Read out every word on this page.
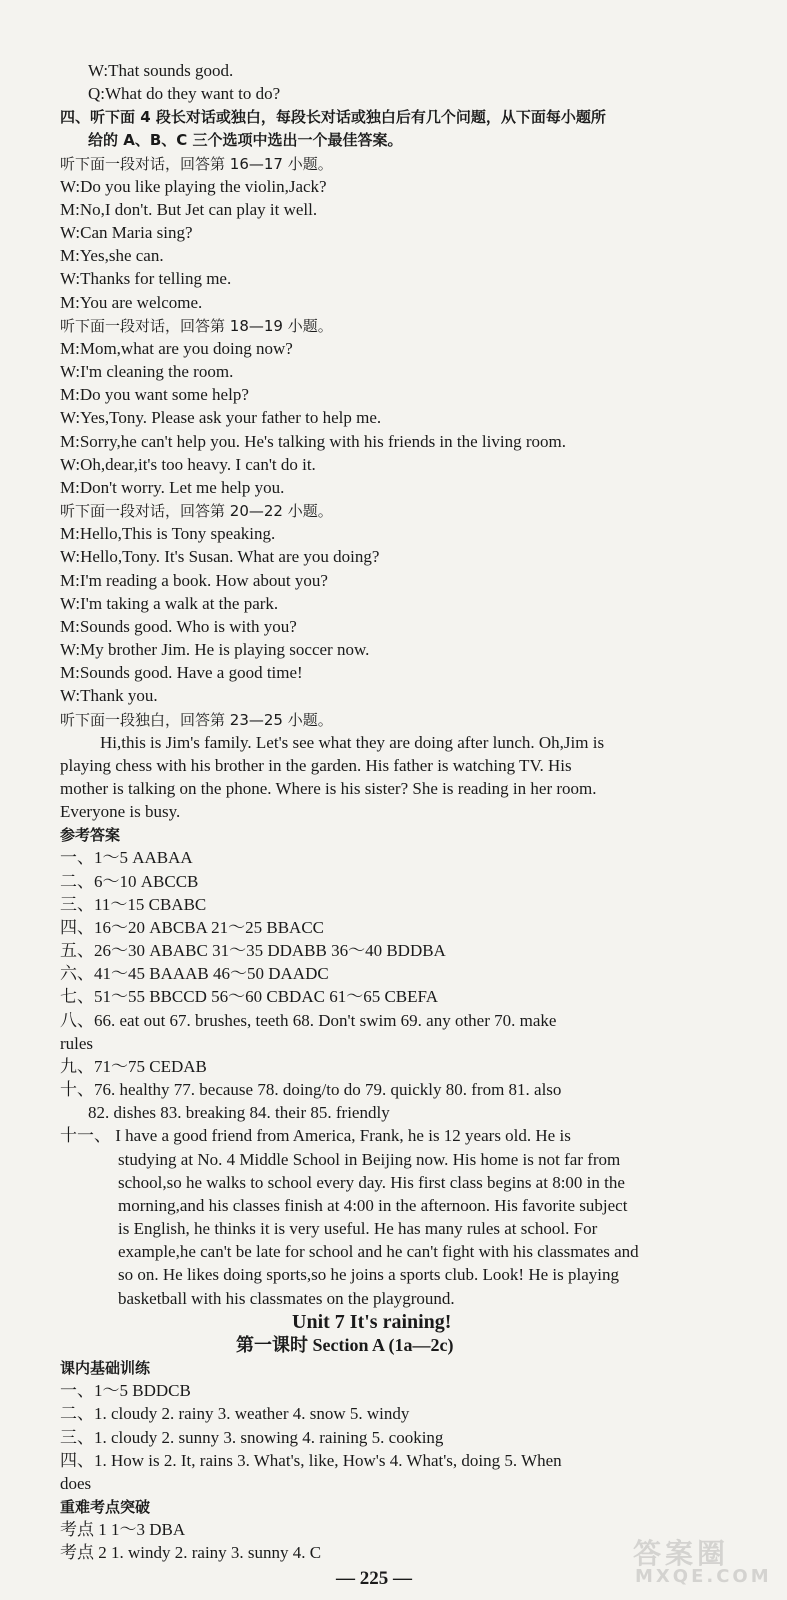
W:That sounds good.
Q:What do they want to do?
四、听下面 4 段长对话或独白，每段长对话或独白后有几个问题，从下面每小题所
给的 A、B、C 三个选项中选出一个最佳答案。
听下面一段对话，回答第 16—17 小题。
W:Do you like playing the violin,Jack?
M:No,I don't. But Jet can play it well.
W:Can Maria sing?
M:Yes,she can.
W:Thanks for telling me.
M:You are welcome.
听下面一段对话，回答第 18—19 小题。
M:Mom,what are you doing now?
W:I'm cleaning the room.
M:Do you want some help?
W:Yes,Tony. Please ask your father to help me.
M:Sorry,he can't help you. He's talking with his friends in the living room.
W:Oh,dear,it's too heavy. I can't do it.
M:Don't worry. Let me help you.
听下面一段对话，回答第 20—22 小题。
M:Hello,This is Tony speaking.
W:Hello,Tony. It's Susan. What are you doing?
M:I'm reading a book. How about you?
W:I'm taking a walk at the park.
M:Sounds good. Who is with you?
W:My brother Jim. He is playing soccer now.
M:Sounds good. Have a good time!
W:Thank you.
听下面一段独白，回答第 23—25 小题。
Hi,this is Jim's family. Let's see what they are doing after lunch. Oh,Jim is
playing chess with his brother in the garden. His father is watching TV. His
mother is talking on the phone. Where is his sister? She is reading in her room.
Everyone is busy.
参考答案
一、1～5 AABAA
二、6～10 ABCCB
三、11～15 CBABC
四、16～20 ABCBA 21～25 BBACC
五、26～30 ABABC 31～35 DDABB 36～40 BDDBA
六、41～45 BAAAB 46～50 DAADC
七、51～55 BBCCD 56～60 CBDAC 61～65 CBEFA
八、66. eat out 67. brushes, teeth 68. Don't swim 69. any other 70. make
rules
九、71～75 CEDAB
十、76. healthy 77. because 78. doing/to do 79. quickly 80. from 81. also
82. dishes 83. breaking 84. their 85. friendly
十一、 I have a good friend from America, Frank, he is 12 years old. He is
studying at No. 4 Middle School in Beijing now. His home is not far from
school,so he walks to school every day. His first class begins at 8:00 in the
morning,and his classes finish at 4:00 in the afternoon. His favorite subject
is English, he thinks it is very useful. He has many rules at school. For
example,he can't be late for school and he can't fight with his classmates and
so on. He likes doing sports,so he joins a sports club. Look! He is playing
basketball with his classmates on the playground.
Unit 7 It's raining!
第一课时 Section A (1a—2c)
课内基础训练
一、1～5 BDDCB
二、1. cloudy 2. rainy 3. weather 4. snow 5. windy
三、1. cloudy 2. sunny 3. snowing 4. raining 5. cooking
四、1. How is 2. It, rains 3. What's, like, How's 4. What's, doing 5. When
does
重难考点突破
考点 1 1～3 DBA
考点 2 1. windy 2. rainy 3. sunny 4. C
— 225 —
答案圈
MXQE.COM
